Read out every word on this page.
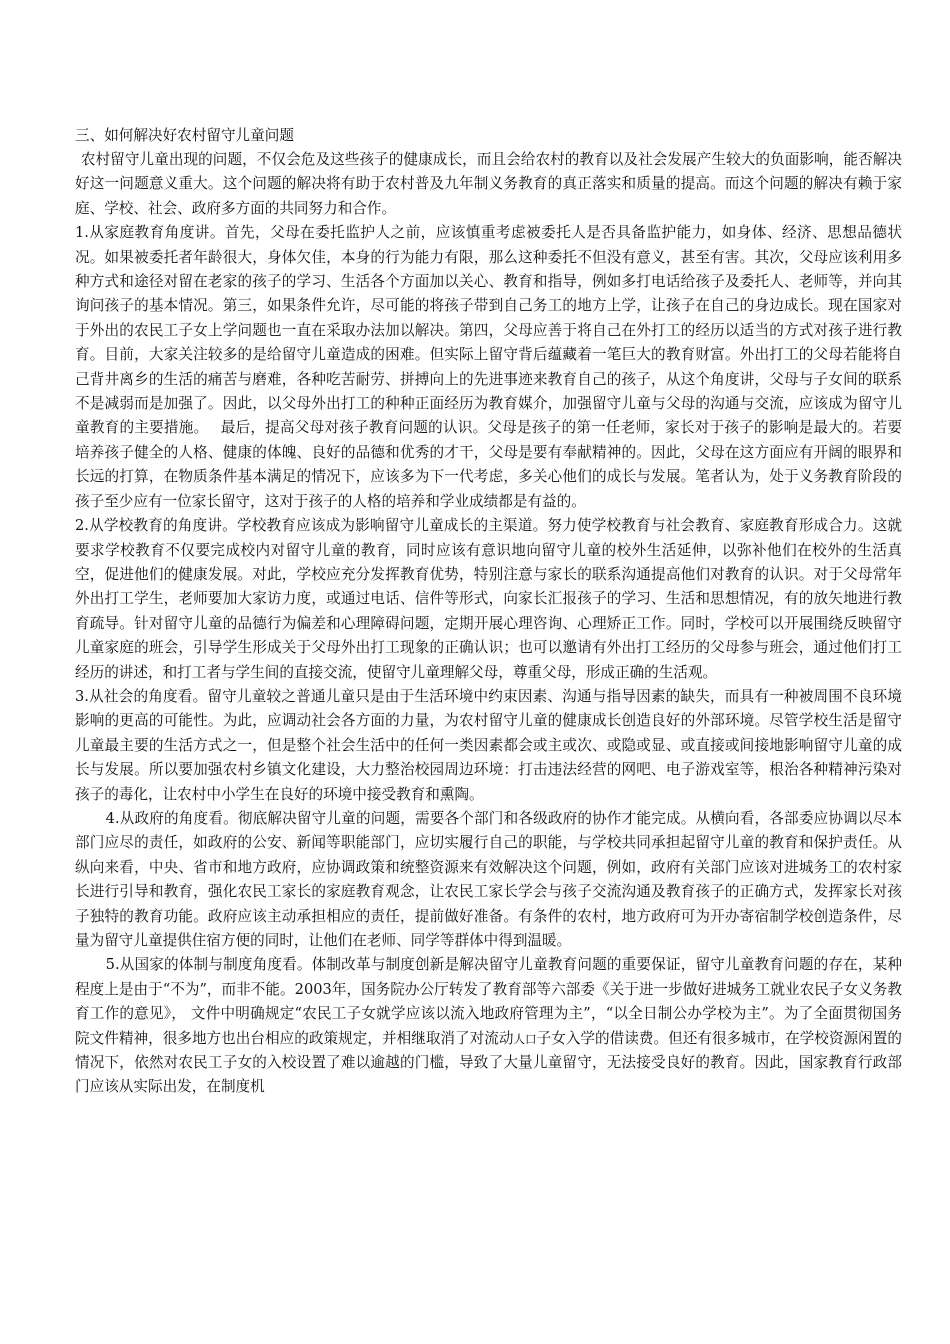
三、如何解决好农村留守儿童问题

农村留守儿童出现的问题，不仅会危及这些孩子的健康成长，而且会给农村的教育以及社会发展产生较大的负面影响，能否解决好这一问题意义重大。这个问题的解决将有助于农村普及九年制义务教育的真正落实和质量的提高。而这个问题的解决有赖于家庭、学校、社会、政府多方面的共同努力和合作。

1.从家庭教育角度讲。首先，父母在委托监护人之前，应该慎重考虑被委托人是否具备监护能力，如身体、经济、思想品德状况。如果被委托者年龄很大，身体欠佳，本身的行为能力有限，那么这种委托不但没有意义，甚至有害。其次，父母应该利用多种方式和途径对留在老家的孩子的学习、生活各个方面加以关心、教育和指导，例如多打电话给孩子及委托人、老师等，并向其询问孩子的基本情况。第三，如果条件允许，尽可能的将孩子带到自己务工的地方上学，让孩子在自己的身边成长。现在国家对于外出的农民工子女上学问题也一直在采取办法加以解决。第四，父母应善于将自己在外打工的经历以适当的方式对孩子进行教育。目前，大家关注较多的是给留守儿童造成的困难。但实际上留守背后蕴藏着一笔巨大的教育财富。外出打工的父母若能将自己背井离乡的生活的痛苦与磨难，各种吃苦耐劳、拼搏向上的先进事迹来教育自己的孩子，从这个角度讲，父母与子女间的联系不是减弱而是加强了。因此，以父母外出打工的种种正面经历为教育媒介，加强留守儿童与父母的沟通与交流，应该成为留守儿童教育的主要措施。　 最后，提高父母对孩子教育问题的认识。父母是孩子的第一任老师，家长对于孩子的影响是最大的。若要培养孩子健全的人格、健康的体魄、良好的品德和优秀的才干，父母是要有奉献精神的。因此，父母在这方面应有开阔的眼界和长远的打算，在物质条件基本满足的情况下，应该多为下一代考虑，多关心他们的成长与发展。笔者认为，处于义务教育阶段的孩子至少应有一位家长留守，这对于孩子的人格的培养和学业成绩都是有益的。

2.从学校教育的角度讲。学校教育应该成为影响留守儿童成长的主渠道。努力使学校教育与社会教育、家庭教育形成合力。这就要求学校教育不仅要完成校内对留守儿童的教育，同时应该有意识地向留守儿童的校外生活延伸，以弥补他们在校外的生活真空，促进他们的健康发展。对此，学校应充分发挥教育优势，特别注意与家长的联系沟通提高他们对教育的认识。对于父母常年外出打工学生，老师要加大家访力度，或通过电话、信件等形式，向家长汇报孩子的学习、生活和思想情况，有的放矢地进行教育疏导。针对留守儿童的品德行为偏差和心理障碍问题，定期开展心理咨询、心理矫正工作。同时，学校可以开展围绕反映留守儿童家庭的班会，引导学生形成关于父母外出打工现象的正确认识；也可以邀请有外出打工经历的父母参与班会，通过他们打工经历的讲述，和打工者与学生间的直接交流，使留守儿童理解父母，尊重父母，形成正确的生活观。

3.从社会的角度看。留守儿童较之普通儿童只是由于生活环境中约束因素、沟通与指导因素的缺失，而具有一种被周围不良环境影响的更高的可能性。为此，应调动社会各方面的力量，为农村留守儿童的健康成长创造良好的外部环境。尽管学校生活是留守儿童最主要的生活方式之一，但是整个社会生活中的任何一类因素都会或主或次、或隐或显、或直接或间接地影响留守儿童的成长与发展。所以要加强农村乡镇文化建设，大力整治校园周边环境：打击违法经营的网吧、电子游戏室等，根治各种精神污染对孩子的毒化，让农村中小学生在良好的环境中接受教育和熏陶。

4.从政府的角度看。彻底解决留守儿童的问题，需要各个部门和各级政府的协作才能完成。从横向看，各部委应协调以尽本部门应尽的责任，如政府的公安、新闻等职能部门，应切实履行自己的职能，与学校共同承担起留守儿童的教育和保护责任。从纵向来看，中央、省市和地方政府，应协调政策和统整资源来有效解决这个问题，例如，政府有关部门应该对进城务工的农村家长进行引导和教育，强化农民工家长的家庭教育观念，让农民工家长学会与孩子交流沟通及教育孩子的正确方式，发挥家长对孩子独特的教育功能。政府应该主动承担相应的责任，提前做好准备。有条件的农村，地方政府可为开办寄宿制学校创造条件，尽量为留守儿童提供住宿方便的同时，让他们在老师、同学等群体中得到温暖。

5.从国家的体制与制度角度看。体制改革与制度创新是解决留守儿童教育问题的重要保证，留守儿童教育问题的存在，某种程度上是由于“不为”，而非不能。2003年，国务院办公厅转发了教育部等六部委《关于进一步做好进城务工就业农民子女义务教育工作的意见》， 文件中明确规定“农民工子女就学应该以流入地政府管理为主”，“以全日制公办学校为主”。为了全面贯彻国务院文件精神，很多地方也出台相应的政策规定，并相继取消了对流动人口子女入学的借读费。但还有很多城市，在学校资源闲置的情况下，依然对农民工子女的入校设置了难以逾越的门槛，导致了大量儿童留守，无法接受良好的教育。因此，国家教育行政部门应该从实际出发，在制度机
